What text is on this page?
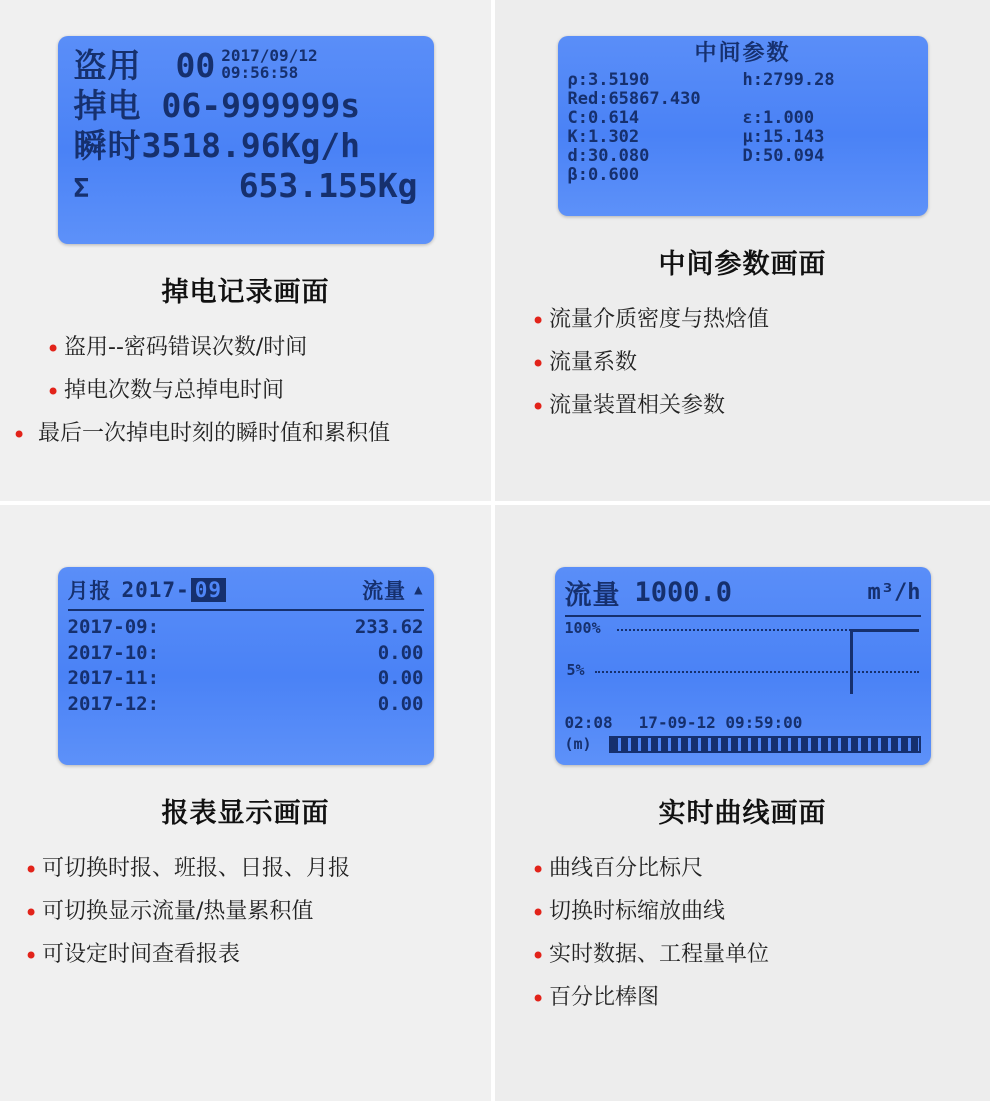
盗用 00 2017/09/12
09:56:58
掉电 06-999999s
瞬时 3518.96Kg/h
Σ	653.155Kg
掉电记录画面
• 盗用--密码错误次数/时间
• 掉电次数与总掉电时间
• 最后一次掉电时刻的瞬时值和累积值
中间参数
ρ:3.5190	h:2799.28
Red:65867.430
C:0.614	ε:1.000
K:1.302	μ:15.143
d:30.080	D:50.094
β:0.600
中间参数画面
• 流量介质密度与热焓值
• 流量系数
• 流量装置相关参数
月报 2017- 09	流量 ▲
2017-09:	233.62
2017-10:	0.00
2017-11:	0.00
2017-12:	0.00
报表显示画面
• 可切换时报、班报、日报、月报
• 可切换显示流量/热量累积值
• 可设定时间查看报表
流量 1000.0	m³/h
100%
5%
02:08 17-09-12 09:59:00
(m)
实时曲线画面
• 曲线百分比标尺
• 切换时标缩放曲线
• 实时数据、工程量单位
• 百分比棒图
